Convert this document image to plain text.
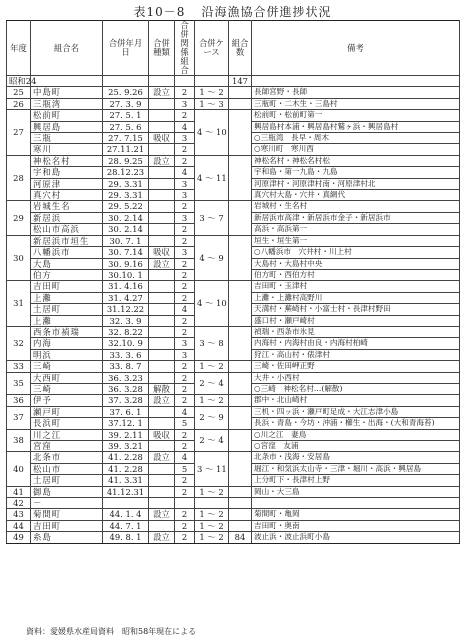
表10－8 沿海漁協合併進捗状況
年度	組合名	合併年月日	合併種類	合併関係組合	合併ケース	組合数	備考
昭和24						147	
25	中島町	25. 9.26	設立	2	1 ～ 2		長師宮野・長師
26	三瓶湾	27. 3. 9		3	1 ～ 3		三瓶町・二木生・三島村
27	松前町	27. 5. 1		2	4 ～ 10		松前町・松前町第一
	興居島	27. 5. 6		4			興居島村本浦・興居島村鷲ヶ浜・興居島村
	三瓶	27. 7.15	吸収	3			○三瓶湾　長早・周木
	寒川	27.11.21		2			○寒川町　寒川西
28	神松名村	28. 9.25	設立	2	4 ～ 11		神松名村・神松名村松
	宇和島	28.12.23		4			宇和島・第一九島・九島
	河原津	29. 3.31		3			河原津村・河原津村南・河原津村北
	真穴村	29. 3.31		3			真穴村大島・穴井・真網代
29	岩城生名	29. 5.22		2	3 ～ 7		岩城村・生名村
	新居浜	30. 2.14		3			新居浜市高津・新居浜市金子・新居浜市
	松山市高浜	30. 2.14		2			高浜・高浜第一
30	新居浜市垣生	30. 7. 1		2	4 ～ 9		垣生・垣生第一
	八幡浜市	30. 7.14	吸収	3			○八幡浜市　穴井村・川上村
	大島	30. 9.16	設立	2			大島村・大島村中央
	伯方	30.10. 1		2			伯方町・西伯方村
31	吉田町	31. 4.16		2	4 ～ 10		吉田町・玉津村
	上灘	31. 4.27		2			上灘・上灘村高野川
	土居町	31.12.22		4			天満村・蕪崎村・小富士村・長津村野田
	上灘	32. 3. 9		2			盛口村・瀬戸崎村
32	西条市禎瑞	32. 8.22		2	3 ～ 8		禎瑞・西条市氷見
	内海	32.10. 9		3			内海村・内海村由良・内海村柏崎
	明浜	33. 3. 6		3			狩江・高山村・俵津村
33	三崎	33. 8. 7		2	1 ～ 2		三崎・佐田岬正野
35	大西町	36. 3.23		2	2 ～ 4		大井・小西村
	三崎	36. 3.28	解散	2			○三崎　神松名村…(解散)
36	伊予	37. 3.28	設立	2	1 ～ 2		郡中・北山崎村
37	瀬戸町	37. 6. 1		4	2 ～ 9		三机・四ッ浜・瀬戸町足成・大江志津小島
	長浜町	37.12. 1		5			長浜・青島・今坊・沖浦・櫛生・出海・(大和青海苔)
38	川之江	39. 2.11	吸収	2	2 ～ 4		○川之江　妻鳥
	宮窪	39. 3.21		2			○宮窪　友浦
40	北条市	41. 2.28	設立	4	3 ～ 11		北条市・浅海・安居島
	松山市	41. 2.28		5			堀江・和気浜太山寺・三津・堀川・高浜・興居島
	土居町	41. 3.31		2			上分町下・長津村上野
41	御島	41.12.31		2	1 ～ 2		岡山・大三島
42	－						
43	菊間町	44. 1. 4	設立	2	1 ～ 2		菊間町・亀岡
44	吉田町	44. 7. 1		2	1 ～ 2		吉田町・奥南
49	糸島	49. 8. 1	設立	2	1 ～ 2	84	波止浜・波止浜町小島
資料：愛媛県水産局資料　昭和58年現在による
